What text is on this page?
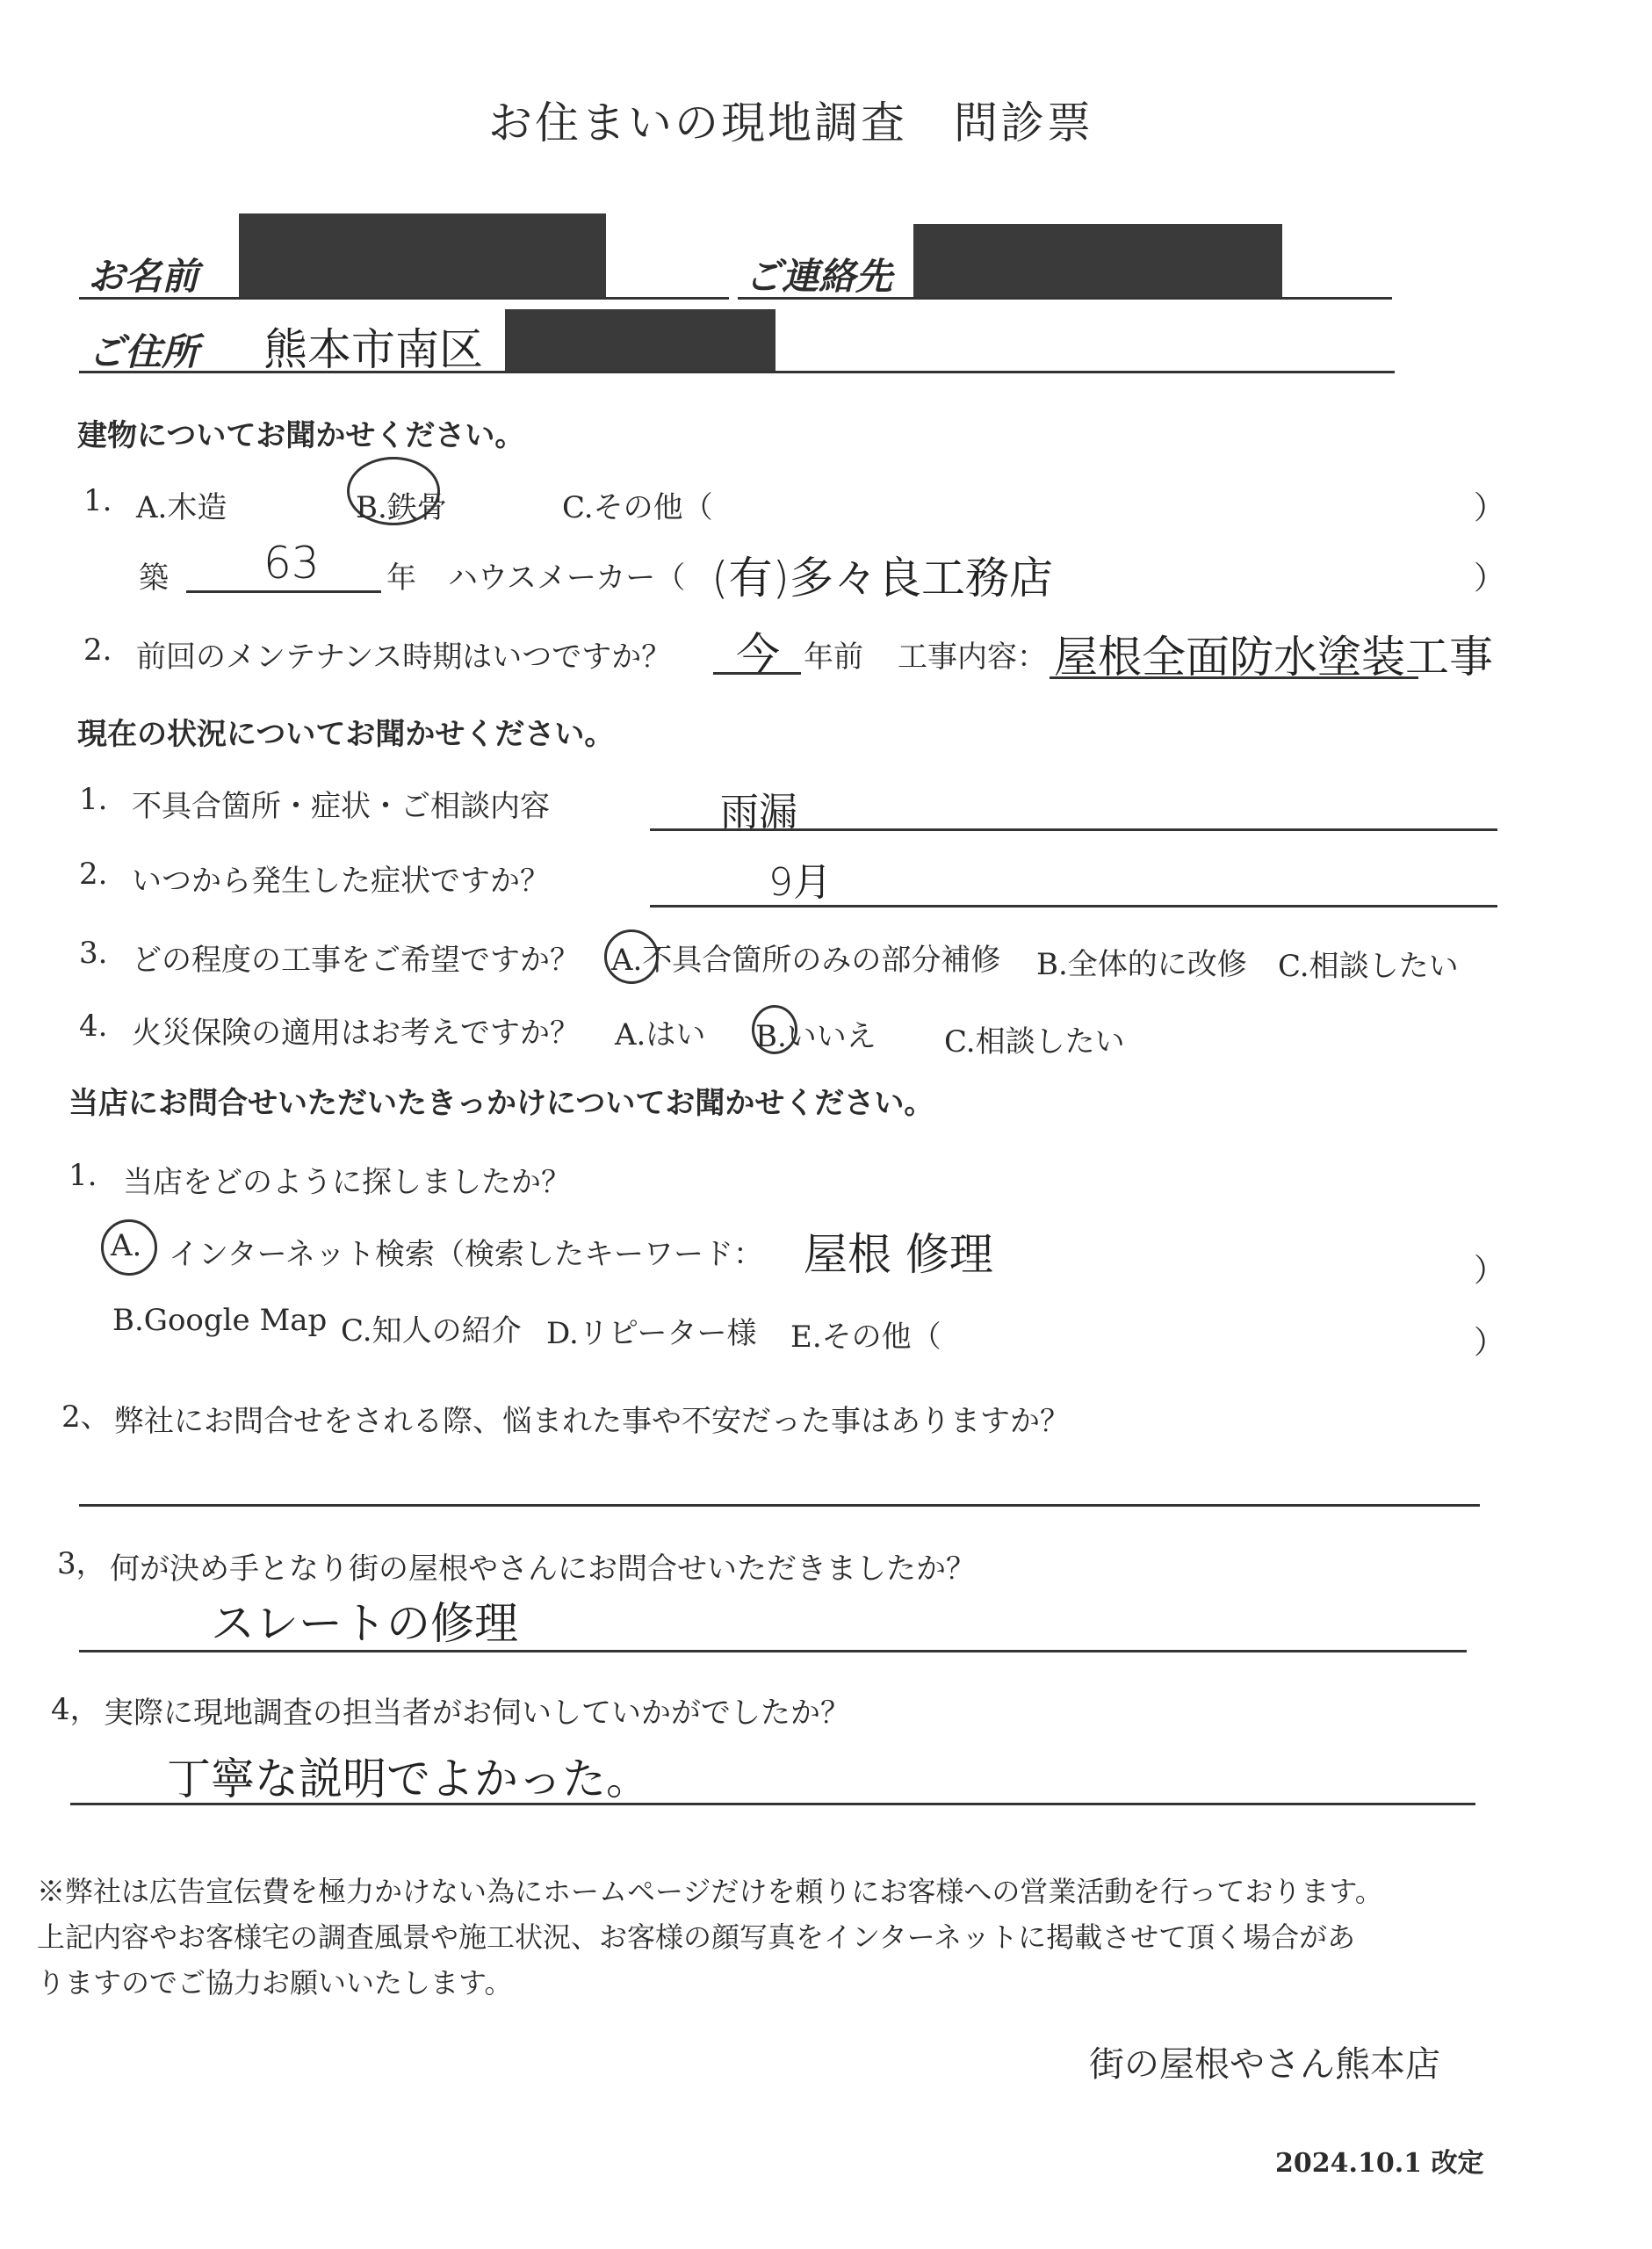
お住まいの現地調査　問診票
お名前	ご連絡先
ご住所 熊本市南区
建物についてお聞かせください。
1. A.木造	B.鉄骨	C.その他（	）
築 63 年 ハウスメーカー（ (有)多々良工務店	）
2. 前回のメンテナンス時期はいつですか？ 今 年前 工事内容： 屋根全面防水塗装工事
現在の状況についてお聞かせください。
1. 不具合箇所・症状・ご相談内容	雨漏
2. いつから発生した症状ですか？	9月
3. どの程度の工事をご希望ですか？ A.不具合箇所のみの部分補修 B.全体的に改修 C.相談したい
4. 火災保険の適用はお考えですか？ A.はい B.いいえ C.相談したい
当店にお問合せいただいたきっかけについてお聞かせください。
1. 当店をどのように探しましたか？
A. インターネット検索（検索したキーワード： 屋根 修理	）
B.Google Map C.知人の紹介 D.リピーター様 E.その他（	）
2、 弊社にお問合せをされる際、悩まれた事や不安だった事はありますか？
3， 何が決め手となり街の屋根やさんにお問合せいただきましたか？
スレートの修理
4， 実際に現地調査の担当者がお伺いしていかがでしたか？
丁寧な説明でよかった。
※弊社は広告宣伝費を極力かけない為にホームページだけを頼りにお客様への営業活動を行っております。
上記内容やお客様宅の調査風景や施工状況、お客様の顔写真をインターネットに掲載させて頂く場合があ
りますのでご協力お願いいたします。
街の屋根やさん熊本店
2024.10.1 改定
